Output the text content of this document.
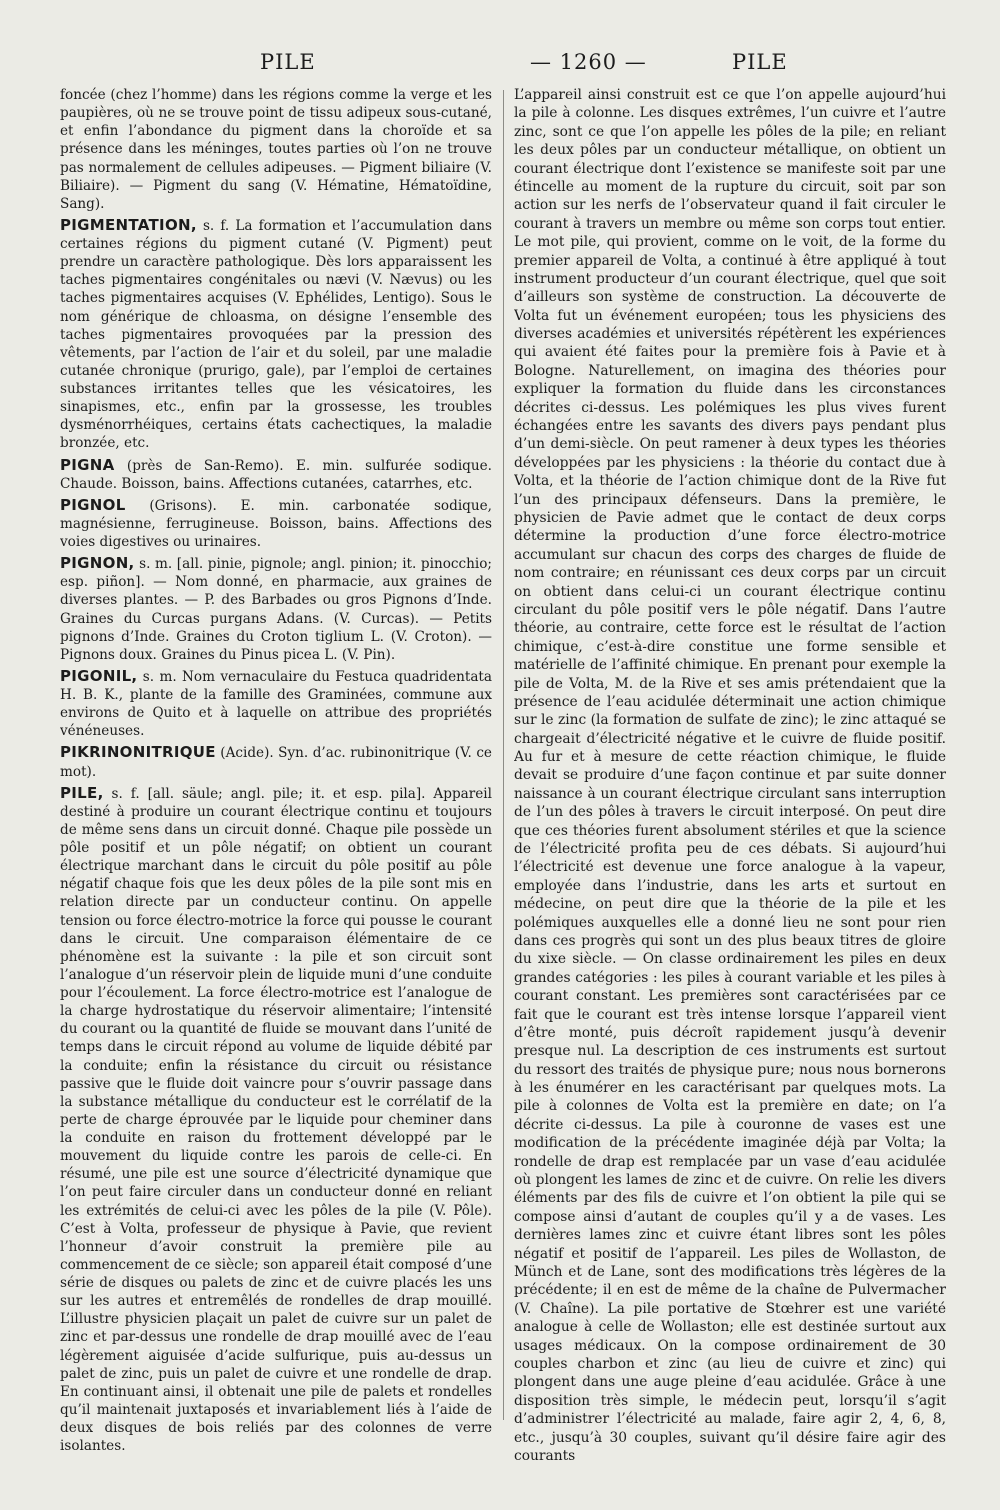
PILE	— 1260 —	PILE

foncée (chez l’homme) dans les régions comme la verge et les paupières, où ne se trouve point de tissu adipeux sous-cutané, et enfin l’abondance du pigment dans la choroïde et sa présence dans les méninges, toutes parties où l’on ne trouve pas normalement de cellules adipeuses. — Pigment biliaire (V. Biliaire). — Pigment du sang (V. Hématine, Hématoïdine, Sang).

PIGMENTATION, s. f. La formation et l’accumulation dans certaines régions du pigment cutané (V. Pigment) peut prendre un caractère pathologique. Dès lors apparaissent les taches pigmentaires congénitales ou nævi (V. Nævus) ou les taches pigmentaires acquises (V. Ephélides, Lentigo). Sous le nom générique de chloasma, on désigne l’ensemble des taches pigmentaires provoquées par la pression des vêtements, par l’action de l’air et du soleil, par une maladie cutanée chronique (prurigo, gale), par l’emploi de certaines substances irritantes telles que les vésicatoires, les sinapismes, etc., enfin par la grossesse, les troubles dysménorrhéiques, certains états cachectiques, la maladie bronzée, etc.

PIGNA (près de San-Remo). E. min. sulfurée sodique. Chaude. Boisson, bains. Affections cutanées, catarrhes, etc.

PIGNOL (Grisons). E. min. carbonatée sodique, magnésienne, ferrugineuse. Boisson, bains. Affections des voies digestives ou urinaires.

PIGNON, s. m. [all. pinie, pignole; angl. pinion; it. pinocchio; esp. piñon]. — Nom donné, en pharmacie, aux graines de diverses plantes. — P. des Barbades ou gros Pignons d’Inde. Graines du Curcas purgans Adans. (V. Curcas). — Petits pignons d’Inde. Graines du Croton tiglium L. (V. Croton). — Pignons doux. Graines du Pinus picea L. (V. Pin).

PIGONIL, s. m. Nom vernaculaire du Festuca quadridentata H. B. K., plante de la famille des Graminées, commune aux environs de Quito et à laquelle on attribue des propriétés vénéneuses.

PIKRINONITRIQUE (Acide). Syn. d’ac. rubinonitrique (V. ce mot).

PILE, s. f. [all. säule; angl. pile; it. et esp. pila]. Appareil destiné à produire un courant électrique continu et toujours de même sens dans un circuit donné. Chaque pile possède un pôle positif et un pôle négatif; on obtient un courant électrique marchant dans le circuit du pôle positif au pôle négatif chaque fois que les deux pôles de la pile sont mis en relation directe par un conducteur continu. On appelle tension ou force électro-motrice la force qui pousse le courant dans le circuit. Une comparaison élémentaire de ce phénomène est la suivante : la pile et son circuit sont l’analogue d’un réservoir plein de liquide muni d’une conduite pour l’écoulement. La force électro-motrice est l’analogue de la charge hydrostatique du réservoir alimentaire; l’intensité du courant ou la quantité de fluide se mouvant dans l’unité de temps dans le circuit répond au volume de liquide débité par la conduite; enfin la résistance du circuit ou résistance passive que le fluide doit vaincre pour s’ouvrir passage dans la substance métallique du conducteur est le corrélatif de la perte de charge éprouvée par le liquide pour cheminer dans la conduite en raison du frottement développé par le mouvement du liquide contre les parois de celle-ci. En résumé, une pile est une source d’électricité dynamique que l’on peut faire circuler dans un conducteur donné en reliant les extrémités de celui-ci avec les pôles de la pile (V. Pôle). C’est à Volta, professeur de physique à Pavie, que revient l’honneur d’avoir construit la première pile au commencement de ce siècle; son appareil était composé d’une série de disques ou palets de zinc et de cuivre placés les uns sur les autres et entremêlés de rondelles de drap mouillé. L’illustre physicien plaçait un palet de cuivre sur un palet de zinc et par-dessus une rondelle de drap mouillé avec de l’eau légèrement aiguisée d’acide sulfurique, puis au-dessus un palet de zinc, puis un palet de cuivre et une rondelle de drap. En continuant ainsi, il obtenait une pile de palets et rondelles qu’il maintenait juxtaposés et invariablement liés à l’aide de deux disques de bois reliés par des colonnes de verre isolantes.

L’appareil ainsi construit est ce que l’on appelle aujourd’hui la pile à colonne. Les disques extrêmes, l’un cuivre et l’autre zinc, sont ce que l’on appelle les pôles de la pile; en reliant les deux pôles par un conducteur métallique, on obtient un courant électrique dont l’existence se manifeste soit par une étincelle au moment de la rupture du circuit, soit par son action sur les nerfs de l’observateur quand il fait circuler le courant à travers un membre ou même son corps tout entier. Le mot pile, qui provient, comme on le voit, de la forme du premier appareil de Volta, a continué à être appliqué à tout instrument producteur d’un courant électrique, quel que soit d’ailleurs son système de construction. La découverte de Volta fut un événement européen; tous les physiciens des diverses académies et universités répétèrent les expériences qui avaient été faites pour la première fois à Pavie et à Bologne. Naturellement, on imagina des théories pour expliquer la formation du fluide dans les circonstances décrites ci-dessus. Les polémiques les plus vives furent échangées entre les savants des divers pays pendant plus d’un demi-siècle. On peut ramener à deux types les théories développées par les physiciens : la théorie du contact due à Volta, et la théorie de l’action chimique dont de la Rive fut l’un des principaux défenseurs. Dans la première, le physicien de Pavie admet que le contact de deux corps détermine la production d’une force électro-motrice accumulant sur chacun des corps des charges de fluide de nom contraire; en réunissant ces deux corps par un circuit on obtient dans celui-ci un courant électrique continu circulant du pôle positif vers le pôle négatif. Dans l’autre théorie, au contraire, cette force est le résultat de l’action chimique, c’est-à-dire constitue une forme sensible et matérielle de l’affinité chimique. En prenant pour exemple la pile de Volta, M. de la Rive et ses amis prétendaient que la présence de l’eau acidulée déterminait une action chimique sur le zinc (la formation de sulfate de zinc); le zinc attaqué se chargeait d’électricité négative et le cuivre de fluide positif. Au fur et à mesure de cette réaction chimique, le fluide devait se produire d’une façon continue et par suite donner naissance à un courant électrique circulant sans interruption de l’un des pôles à travers le circuit interposé. On peut dire que ces théories furent absolument stériles et que la science de l’électricité profita peu de ces débats. Si aujourd’hui l’électricité est devenue une force analogue à la vapeur, employée dans l’industrie, dans les arts et surtout en médecine, on peut dire que la théorie de la pile et les polémiques auxquelles elle a donné lieu ne sont pour rien dans ces progrès qui sont un des plus beaux titres de gloire du xixe siècle. — On classe ordinairement les piles en deux grandes catégories : les piles à courant variable et les piles à courant constant. Les premières sont caractérisées par ce fait que le courant est très intense lorsque l’appareil vient d’être monté, puis décroît rapidement jusqu’à devenir presque nul. La description de ces instruments est surtout du ressort des traités de physique pure; nous nous bornerons à les énumérer en les caractérisant par quelques mots. La pile à colonnes de Volta est la première en date; on l’a décrite ci-dessus. La pile à couronne de vases est une modification de la précédente imaginée déjà par Volta; la rondelle de drap est remplacée par un vase d’eau acidulée où plongent les lames de zinc et de cuivre. On relie les divers éléments par des fils de cuivre et l’on obtient la pile qui se compose ainsi d’autant de couples qu’il y a de vases. Les dernières lames zinc et cuivre étant libres sont les pôles négatif et positif de l’appareil. Les piles de Wollaston, de Münch et de Lane, sont des modifications très légères de la précédente; il en est de même de la chaîne de Pulvermacher (V. Chaîne). La pile portative de Stœhrer est une variété analogue à celle de Wollaston; elle est destinée surtout aux usages médicaux. On la compose ordinairement de 30 couples charbon et zinc (au lieu de cuivre et zinc) qui plongent dans une auge pleine d’eau acidulée. Grâce à une disposition très simple, le médecin peut, lorsqu’il s’agit d’administrer l’électricité au malade, faire agir 2, 4, 6, 8, etc., jusqu’à 30 couples, suivant qu’il désire faire agir des courants
